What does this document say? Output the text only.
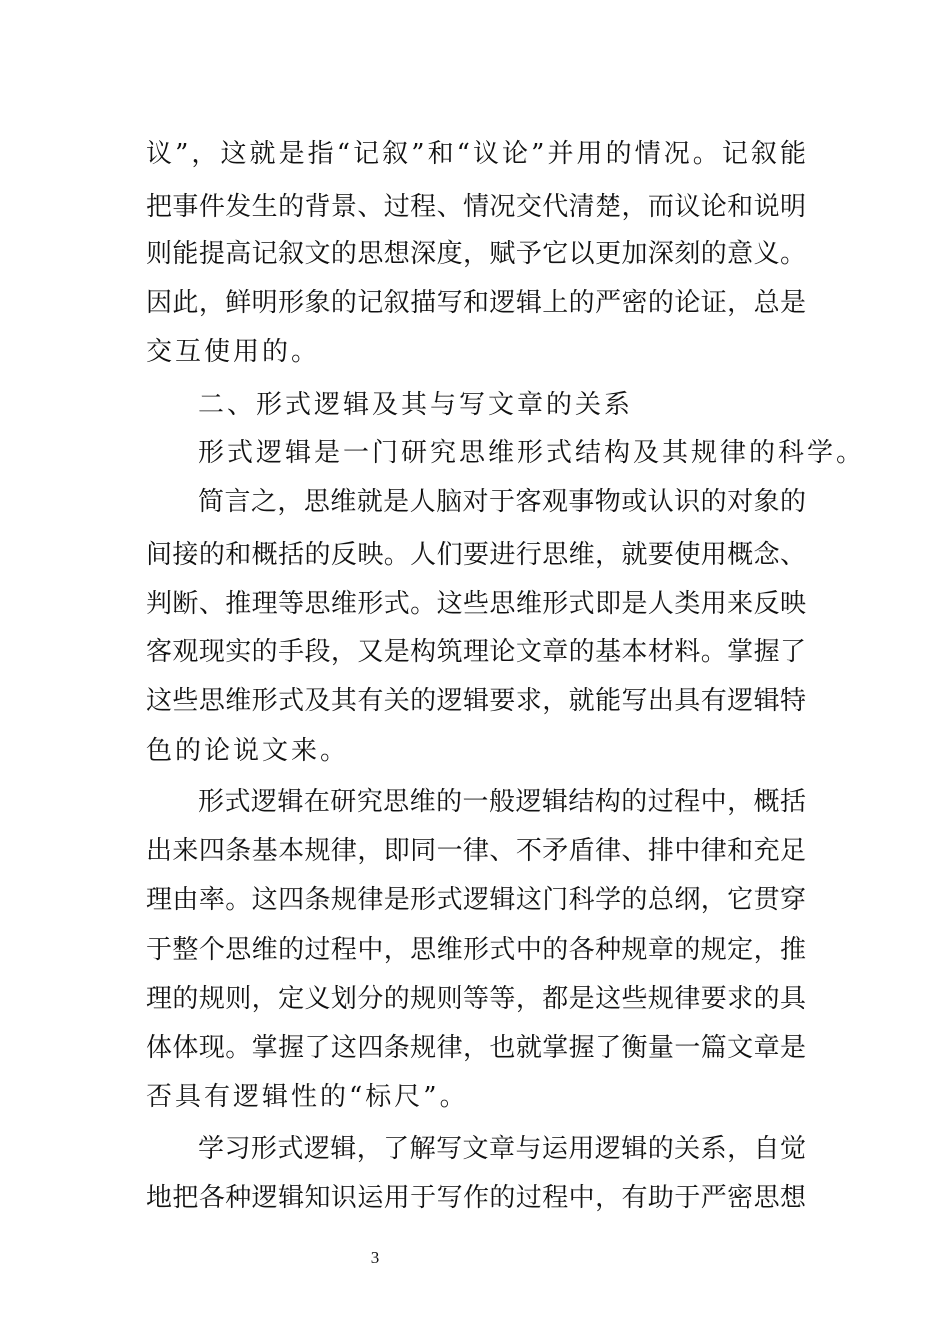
议”，这就是指“记叙”和“议论”并用的情况。记叙能
把事件发生的背景、过程、情况交代清楚，而议论和说明
则能提高记叙文的思想深度，赋予它以更加深刻的意义。
因此，鲜明形象的记叙描写和逻辑上的严密的论证，总是
交互使用的。
二、形式逻辑及其与写文章的关系
形式逻辑是一门研究思维形式结构及其规律的科学。
简言之，思维就是人脑对于客观事物或认识的对象的
间接的和概括的反映。人们要进行思维，就要使用概念、
判断、推理等思维形式。这些思维形式即是人类用来反映
客观现实的手段，又是构筑理论文章的基本材料。掌握了
这些思维形式及其有关的逻辑要求，就能写出具有逻辑特
色的论说文来。
形式逻辑在研究思维的一般逻辑结构的过程中，概括
出来四条基本规律，即同一律、不矛盾律、排中律和充足
理由率。这四条规律是形式逻辑这门科学的总纲，它贯穿
于整个思维的过程中，思维形式中的各种规章的规定，推
理的规则，定义划分的规则等等，都是这些规律要求的具
体体现。掌握了这四条规律，也就掌握了衡量一篇文章是
否具有逻辑性的“标尺”。
学习形式逻辑，了解写文章与运用逻辑的关系，自觉
地把各种逻辑知识运用于写作的过程中，有助于严密思想
3
